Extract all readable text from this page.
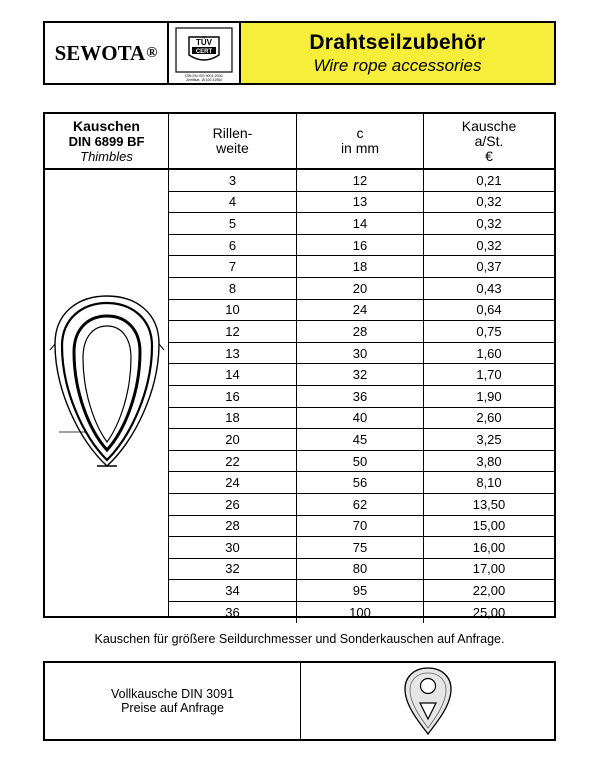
SEWOTA ®
TÜV
CERT
DIN EN ISO 9001:2000
Zertifikat: 15 100 31984
Drahtseilzubehör
Wire rope accessories
Kauschen
DIN 6899 BF
Thimbles
Rillen-
weite
c
in mm
Kausche
a/St.
€
3	12	0,21
4	13	0,32
5	14	0,32
6	16	0,32
7	18	0,37
8	20	0,43
10	24	0,64
12	28	0,75
13	30	1,60
14	32	1,70
16	36	1,90
18	40	2,60
20	45	3,25
22	50	3,80
24	56	8,10
26	62	13,50
28	70	15,00
30	75	16,00
32	80	17,00
34	95	22,00
36	100	25,00
Kauschen für größere Seildurchmesser und Sonderkauschen auf Anfrage.
Vollkausche DIN 3091
Preise auf Anfrage
